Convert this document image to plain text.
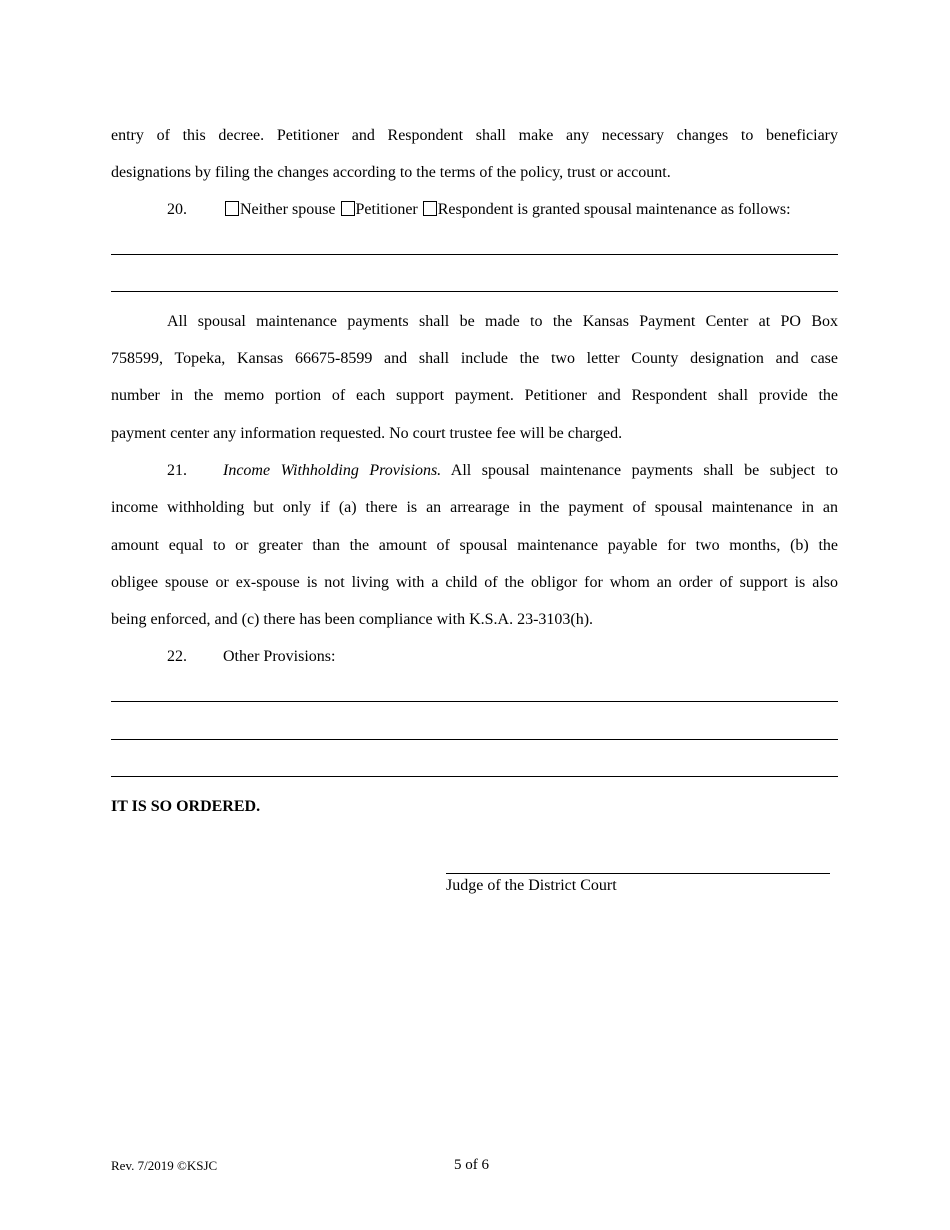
entry of this decree. Petitioner and Respondent shall make any necessary changes to beneficiary
designations by filing the changes according to the terms of the policy, trust or account.
20.	Neither spouse Petitioner Respondent is granted spousal maintenance as follows:
All spousal maintenance payments shall be made to the Kansas Payment Center at PO Box
758599, Topeka, Kansas 66675-8599 and shall include the two letter County designation and case
number in the memo portion of each support payment. Petitioner and Respondent shall provide the
payment center any information requested. No court trustee fee will be charged.
21. Income Withholding Provisions. All spousal maintenance payments shall be subject to
income withholding but only if (a) there is an arrearage in the payment of spousal maintenance in an
amount equal to or greater than the amount of spousal maintenance payable for two months, (b) the
obligee spouse or ex-spouse is not living with a child of the obligor for whom an order of support is also
being enforced, and (c) there has been compliance with K.S.A. 23-3103(h).
22. Other Provisions:
IT IS SO ORDERED.
Judge of the District Court
Rev. 7/2019 ©KSJC	5 of 6
